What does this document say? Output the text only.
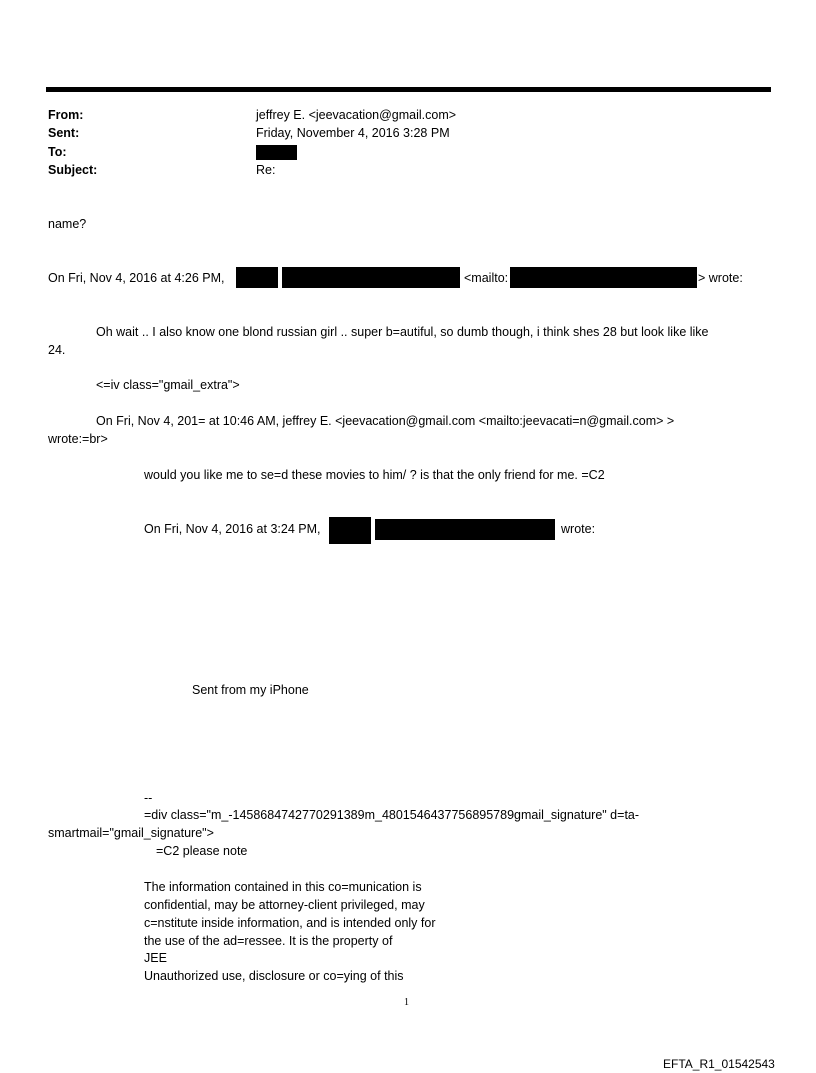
From:	jeffrey E. <jeevacation@gmail.com>
Sent:	Friday, November 4, 2016 3:28 PM
To:
Subject:	Re:
name?
On Fri, Nov 4, 2016 at 4:26 PM,	<mailto:	> wrote:
Oh wait .. I also know one blond russian girl .. super b=autiful, so dumb though, i think shes 28 but look like like
24.
<=iv class="gmail_extra">
On Fri, Nov 4, 201= at 10:46 AM, jeffrey E. <jeevacation@gmail.com <mailto:jeevacati=n@gmail.com> >
wrote:=br>
would you like me to se=d these movies to him/ ? is that the only friend for me. =C2
On Fri, Nov 4, 2016 at 3:24 PM,	wrote:
Sent from my iPhone
--
=div class="m_-1458684742770291389m_4801546437756895789gmail_signature" d=ta-
smartmail="gmail_signature">
=C2 please note
The information contained in this co=munication is
confidential, may be attorney-client privileged, may
c=nstitute inside information, and is intended only for
the use of the ad=ressee. It is the property of
JEE
Unauthorized use, disclosure or co=ying of this
1
EFTA_R1_01542543
